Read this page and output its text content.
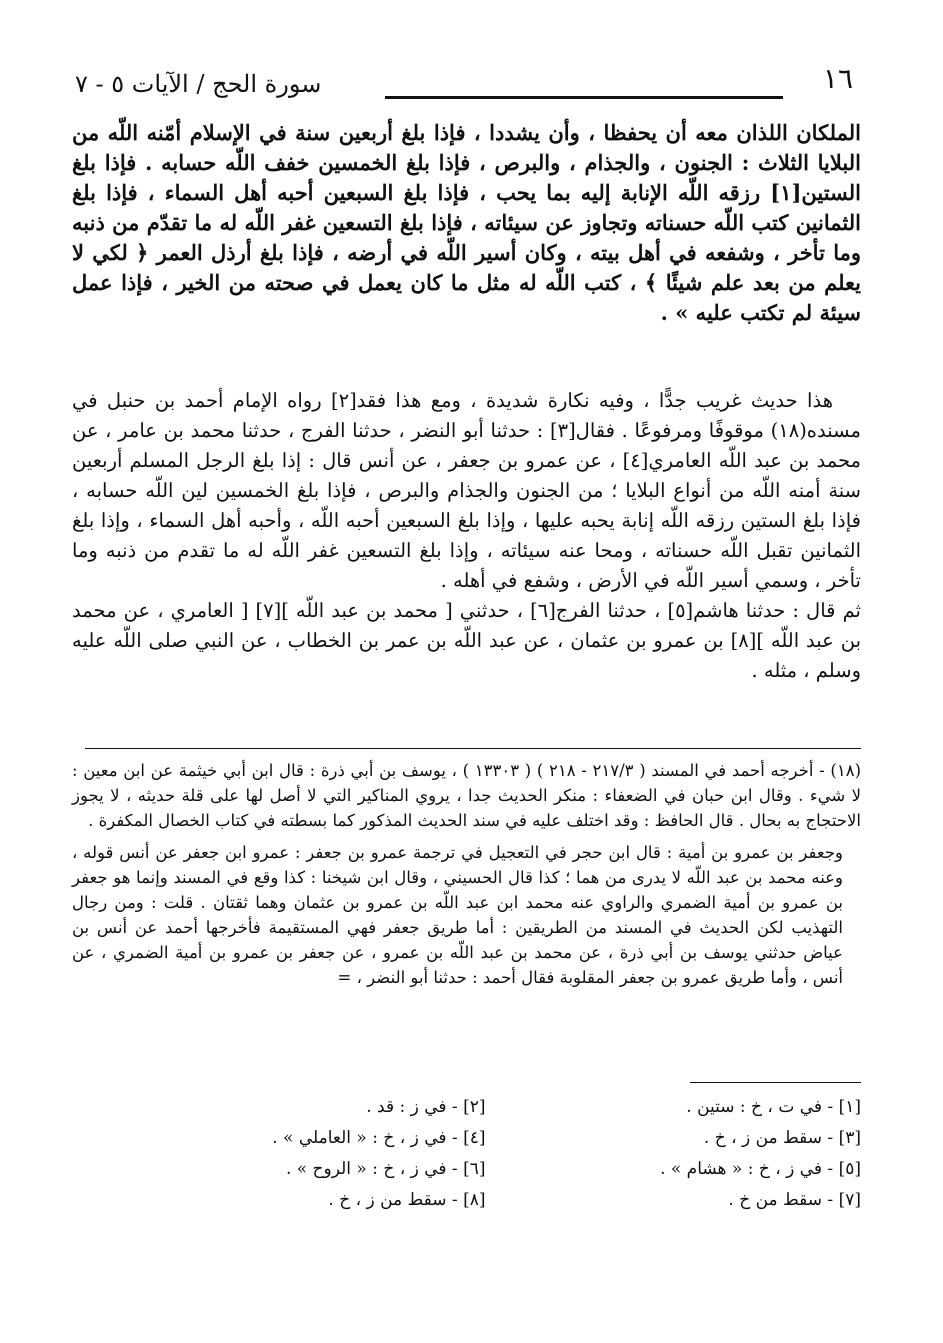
١٦
سورة الحج / الآيات ٥ - ٧
الملكان اللذان معه أن يحفظا ، وأن يشددا ، فإذا بلغ أربعين سنة في الإسلام أمّنه اللّه من البلايا الثلاث : الجنون ، والجذام ، والبرص ، فإذا بلغ الخمسين خفف اللّه حسابه . فإذا بلغ الستين[١] رزقه اللّه الإنابة إليه بما يحب ، فإذا بلغ السبعين أحبه أهل السماء ، فإذا بلغ الثمانين كتب اللّه حسناته وتجاوز عن سيئاته ، فإذا بلغ التسعين غفر اللّه له ما تقدّم من ذنبه وما تأخر ، وشفعه في أهل بيته ، وكان أسير اللّه في أرضه ، فإذا بلغ أرذل العمر ﴿ لكي لا يعلم من بعد علم شيئًا ﴾ ، كتب اللّه له مثل ما كان يعمل في صحته من الخير ، فإذا عمل سيئة لم تكتب عليه » .

هذا حديث غريب جدًّا ، وفيه نكارة شديدة ، ومع هذا فقد[٢] رواه الإمام أحمد بن حنبل في مسنده(١٨) موقوفًا ومرفوعًا . فقال[٣] : حدثنا أبو النضر ، حدثنا الفرج ، حدثنا محمد بن عامر ، عن محمد بن عبد اللّه العامري[٤] ، عن عمرو بن جعفر ، عن أنس قال : إذا بلغ الرجل المسلم أربعين سنة أمنه اللّه من أنواع البلايا ؛ من الجنون والجذام والبرص ، فإذا بلغ الخمسين لين اللّه حسابه ، فإذا بلغ الستين رزقه اللّه إنابة يحبه عليها ، وإذا بلغ السبعين أحبه اللّه ، وأحبه أهل السماء ، وإذا بلغ الثمانين تقبل اللّه حسناته ، ومحا عنه سيئاته ، وإذا بلغ التسعين غفر اللّه له ما تقدم من ذنبه وما تأخر ، وسمي أسير اللّه في الأرض ، وشفع في أهله .

ثم قال : حدثنا هاشم[٥] ، حدثنا الفرج[٦] ، حدثني [ محمد بن عبد اللّه ][٧] [ العامري ، عن محمد بن عبد اللّه ][٨] بن عمرو بن عثمان ، عن عبد اللّه بن عمر بن الخطاب ، عن النبي صلى اللّه عليه وسلم ، مثله .

(١٨) - أخرجه أحمد في المسند ( ٢١٧/٣ - ٢١٨ ) ( ١٣٣٠٣ ) ، يوسف بن أبي ذرة : قال ابن أبي خيثمة عن ابن معين : لا شيء . وقال ابن حبان في الضعفاء : منكر الحديث جدا ، يروي المناكير التي لا أصل لها على قلة حديثه ، لا يجوز الاحتجاج به بحال . قال الحافظ : وقد اختلف عليه في سند الحديث المذكور كما بسطته في كتاب الخصال المكفرة .

وجعفر بن عمرو بن أمية : قال ابن حجر في التعجيل في ترجمة عمرو بن جعفر : عمرو ابن جعفر عن أنس قوله ، وعنه محمد بن عبد اللّه لا يدرى من هما ؛ كذا قال الحسيني ، وقال ابن شيخنا : كذا وقع في المسند وإنما هو جعفر بن عمرو بن أمية الضمري والراوي عنه محمد ابن عبد اللّه بن عمرو بن عثمان وهما ثقتان . قلت : ومن رجال التهذيب لكن الحديث في المسند من الطريقين : أما طريق جعفر فهي المستقيمة فأخرجها أحمد عن أنس بن عياض حدثني يوسف بن أبي ذرة ، عن محمد بن عبد اللّه بن عمرو ، عن جعفر بن عمرو بن أمية الضمري ، عن أنس ، وأما طريق عمرو بن جعفر المقلوبة فقال أحمد : حدثنا أبو النضر ، =

[١] - في ت ، خ : ستين .
[٢] - في ز : قد .
[٣] - سقط من ز ، خ .
[٤] - في ز ، خ : « العاملي » .
[٥] - في ز ، خ : « هشام » .
[٦] - في ز ، خ : « الروح » .
[٧] - سقط من خ .
[٨] - سقط من ز ، خ .
